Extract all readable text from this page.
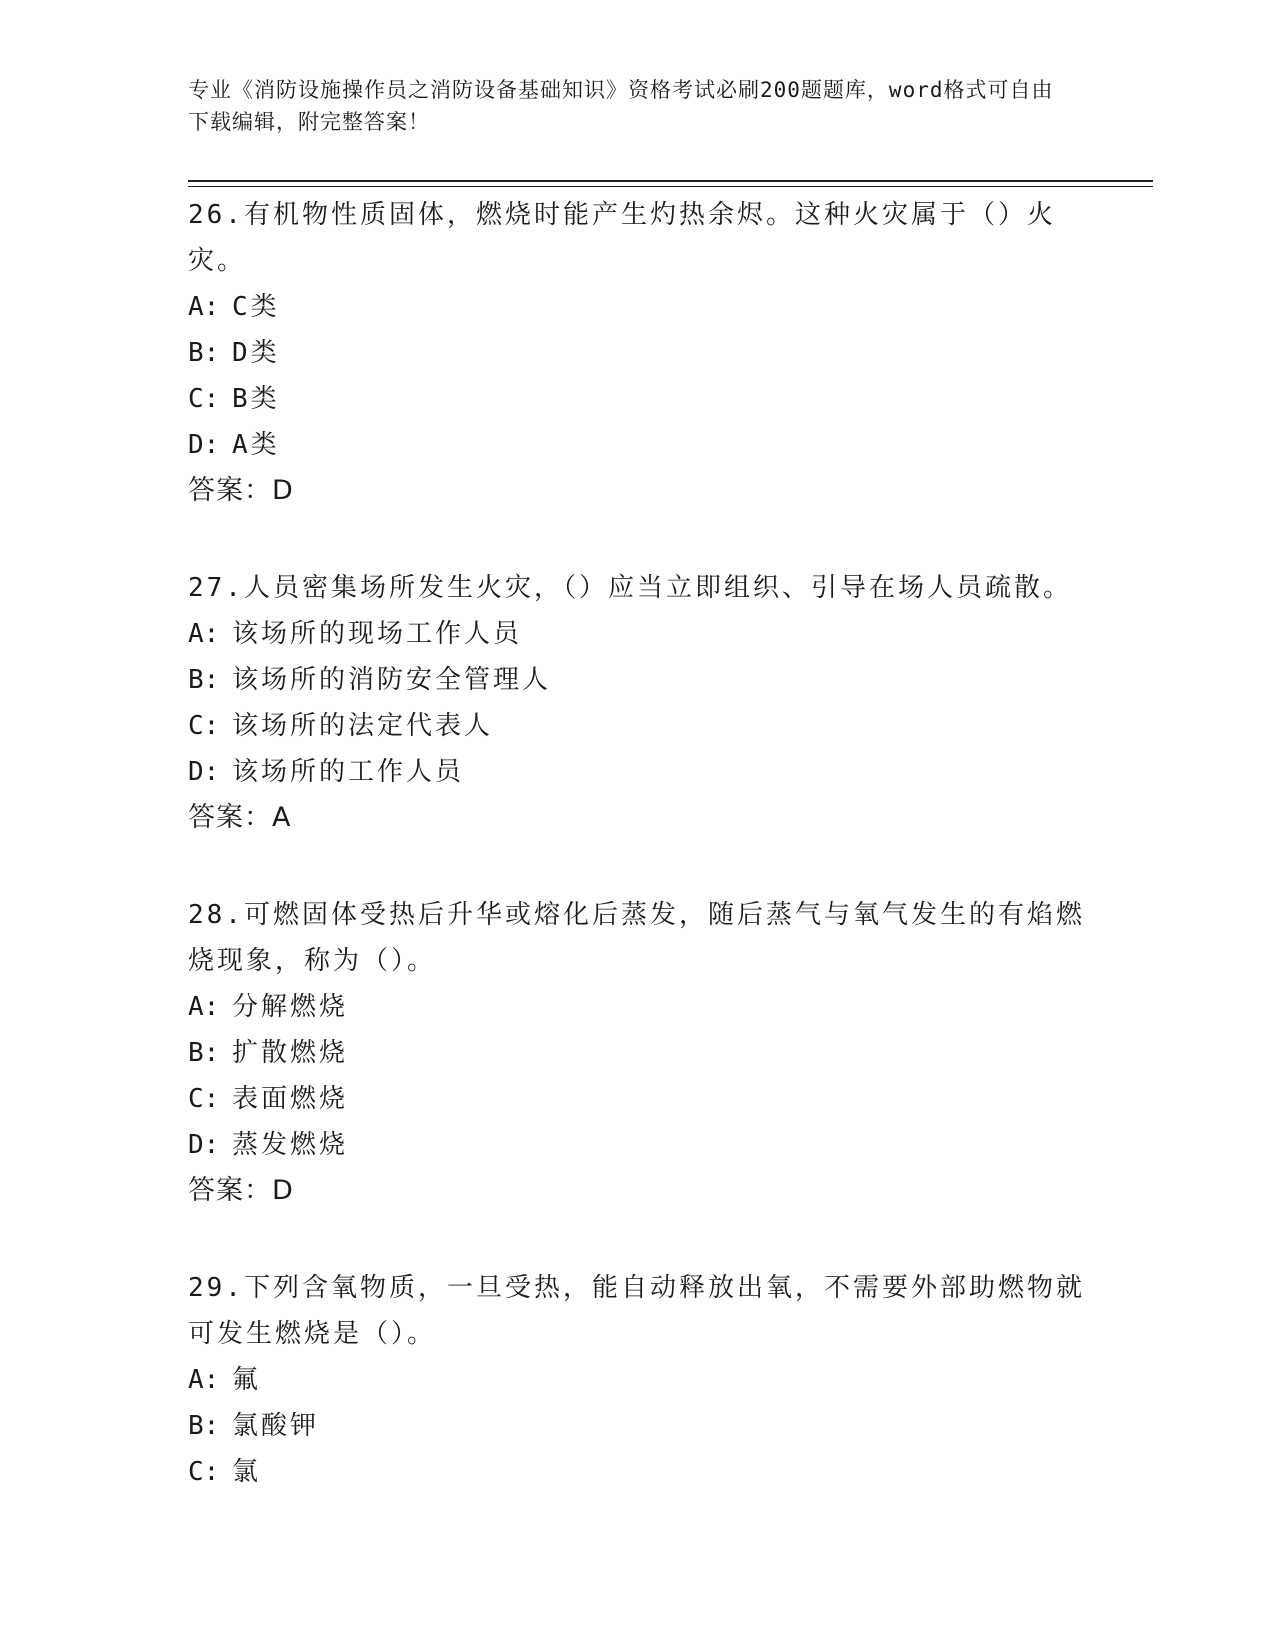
专业《消防设施操作员之消防设备基础知识》资格考试必刷200题题库，word格式可自由下载编辑，附完整答案！
26.有机物性质固体，燃烧时能产生灼热余烬。这种火灾属于（）火灾。
A: C类
B: D类
C: B类
D: A类
答案：D
27.人员密集场所发生火灾，（）应当立即组织、引导在场人员疏散。
A: 该场所的现场工作人员
B: 该场所的消防安全管理人
C: 该场所的法定代表人
D: 该场所的工作人员
答案：A
28.可燃固体受热后升华或熔化后蒸发，随后蒸气与氧气发生的有焰燃烧现象，称为（）。
A: 分解燃烧
B: 扩散燃烧
C: 表面燃烧
D: 蒸发燃烧
答案：D
29.下列含氧物质，一旦受热，能自动释放出氧，不需要外部助燃物就可发生燃烧是（）。
A: 氟
B: 氯酸钾
C: 氯
